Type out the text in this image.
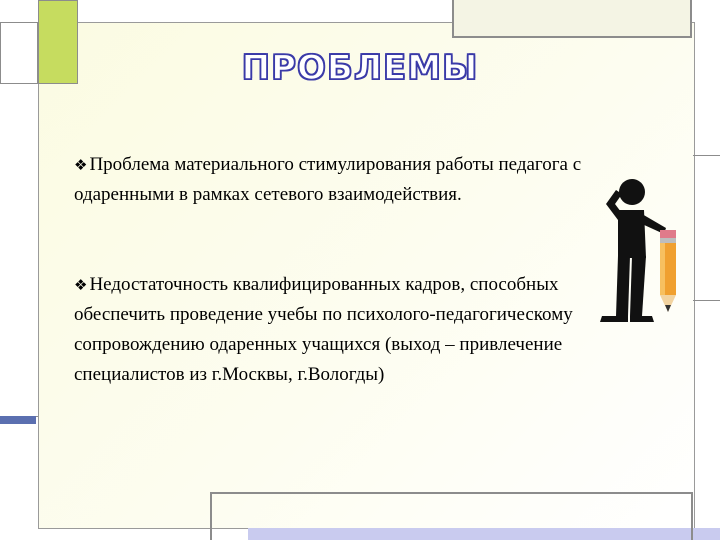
ПРОБЛЕМЫ
❖ Проблема материального стимулирования работы педагога с одаренными в рамках сетевого взаимодействия.
❖ Недостаточность квалифицированных кадров, способных обеспечить проведение учебы по психолого-педагогическому сопровождению одаренных учащихся (выход – привлечение специалистов из г.Москвы, г.Вологды)
